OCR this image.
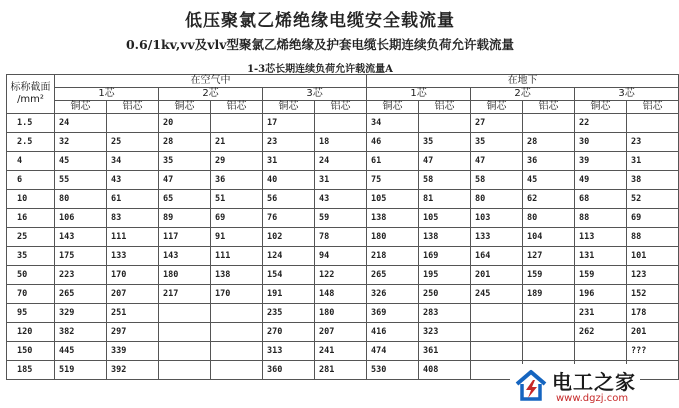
低压聚氯乙烯绝缘电缆安全载流量
0.6/1kv,vv及vlv型聚氯乙烯绝缘及护套电缆长期连续负荷允许载流量
1-3芯长期连续负荷允许载流量A
标称截面
/mm²	在空气中						在地下					
	1芯		2芯		3芯		1芯		2芯		3芯	
	铜芯	铝芯	铜芯	铝芯	铜芯	铝芯	铜芯	铝芯	铜芯	铝芯	铜芯	铝芯
1.5	24		20		17		34		27		22	
2.5	32	25	28	21	23	18	46	35	35	28	30	23
4	45	34	35	29	31	24	61	47	47	36	39	31
6	55	43	47	36	40	31	75	58	58	45	49	38
10	80	61	65	51	56	43	105	81	80	62	68	52
16	106	83	89	69	76	59	138	105	103	80	88	69
25	143	111	117	91	102	78	180	138	133	104	113	88
35	175	133	143	111	124	94	218	169	164	127	131	101
50	223	170	180	138	154	122	265	195	201	159	159	123
70	265	207	217	170	191	148	326	250	245	189	196	152
95	329	251			235	180	369	283			231	178
120	382	297			270	207	416	323			262	201
150	445	339			313	241	474	361				???
185	519	392			360	281	530	408					电工之家
www.dgzj.com
